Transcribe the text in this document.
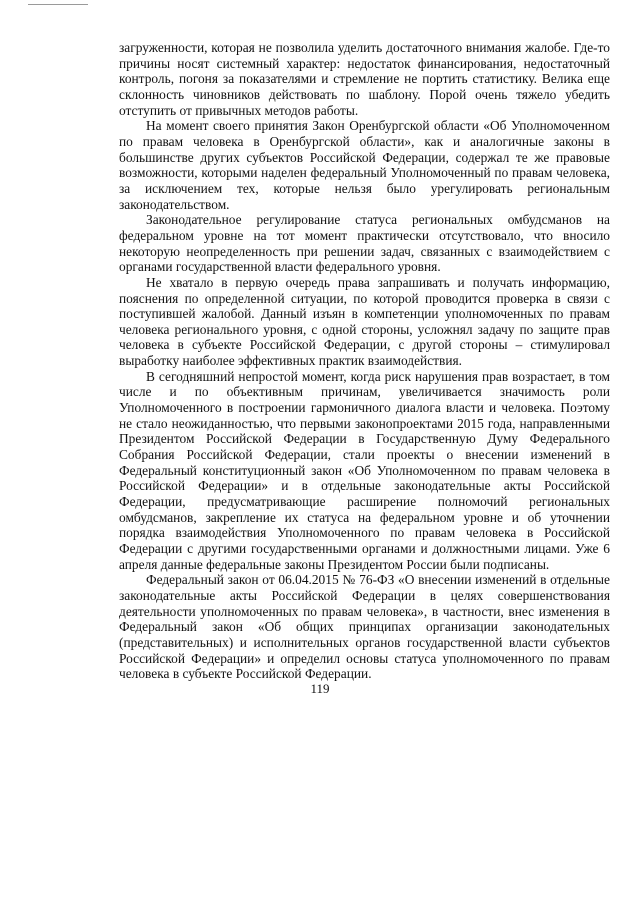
загруженности, которая не позволила уделить достаточного внимания жалобе. Где-то причины носят системный характер: недостаток финансирования, недостаточный контроль, погоня за показателями и стремление не портить статистику. Велика еще склонность чиновников действовать по шаблону. Порой очень тяжело убедить отступить от привычных методов работы.

На момент своего принятия Закон Оренбургской области «Об Уполномоченном по правам человека в Оренбургской области», как и аналогичные законы в большинстве других субъектов Российской Федерации, содержал те же правовые возможности, которыми наделен федеральный Уполномоченный по правам человека, за исключением тех, которые нельзя было урегулировать региональным законодательством.

Законодательное регулирование статуса региональных омбудсманов на федеральном уровне на тот момент практически отсутствовало, что вносило некоторую неопределенность при решении задач, связанных с взаимодействием с органами государственной власти федерального уровня.

Не хватало в первую очередь права запрашивать и получать информацию, пояснения по определенной ситуации, по которой проводится проверка в связи с поступившей жалобой. Данный изъян в компетенции уполномоченных по правам человека регионального уровня, с одной стороны, усложнял задачу по защите прав человека в субъекте Российской Федерации, с другой стороны – стимулировал выработку наиболее эффективных практик взаимодействия.

В сегодняшний непростой момент, когда риск нарушения прав возрастает, в том числе и по объективным причинам, увеличивается значимость роли Уполномоченного в построении гармоничного диалога власти и человека. Поэтому не стало неожиданностью, что первыми законопроектами 2015 года, направленными Президентом Российской Федерации в Государственную Думу Федерального Собрания Российской Федерации, стали проекты о внесении изменений в Федеральный конституционный закон «Об Уполномоченном по правам человека в Российской Федерации» и в отдельные законодательные акты Российской Федерации, предусматривающие расширение полномочий региональных омбудсманов, закрепление их статуса на федеральном уровне и об уточнении порядка взаимодействия Уполномоченного по правам человека в Российской Федерации с другими государственными органами и должностными лицами. Уже 6 апреля данные федеральные законы Президентом России были подписаны.

Федеральный закон от 06.04.2015 № 76-ФЗ «О внесении изменений в отдельные законодательные акты Российской Федерации в целях совершенствования деятельности уполномоченных по правам человека», в частности, внес изменения в Федеральный закон «Об общих принципах организации законодательных (представительных) и исполнительных органов государственной власти субъектов Российской Федерации» и определил основы статуса уполномоченного по правам человека в субъекте Российской Федерации.

119
